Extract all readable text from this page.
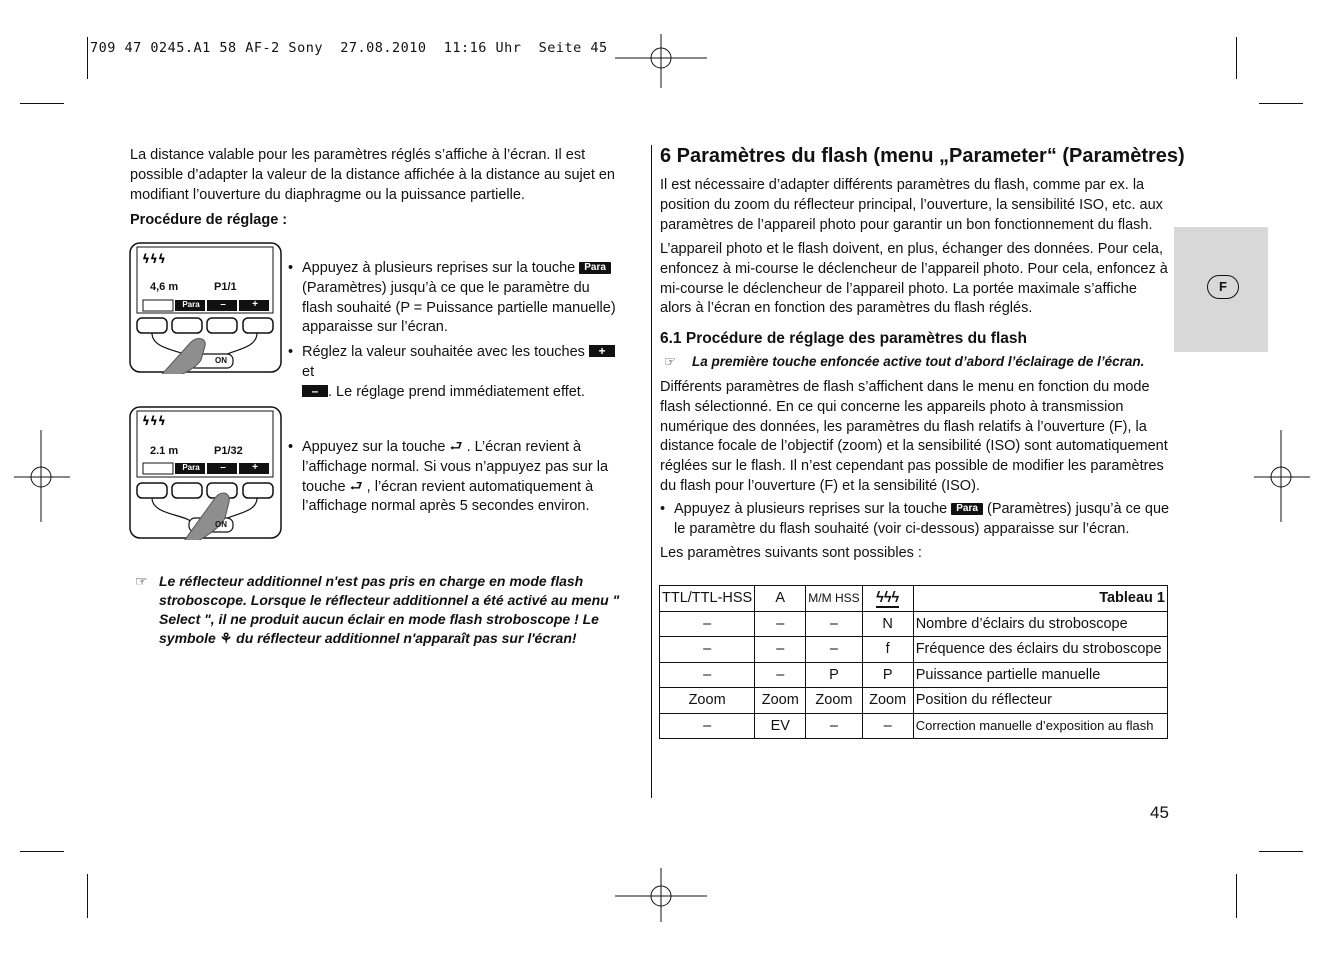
709 47 0245.A1 58 AF-2 Sony  27.08.2010  11:16 Uhr  Seite 45
La distance valable pour les paramètres réglés s’affiche à l’écran. Il est possible d’adapter la valeur de la distance affichée à la distance au sujet en modifiant l’ouverture du diaphragme ou la puissance partielle.
Procédure de réglage :
ϟϟϟ
4,6 m	P1/1
Para	–	+
ON
• Appuyez à plusieurs reprises sur la touche Para (Paramètres) jusqu’à ce que le paramètre du flash souhaité (P = Puissance partielle manuelle) apparaisse sur l’écran.
• Réglez la valeur souhaitée avec les touches + et
– . Le réglage prend immédiatement effet.
ϟϟϟ
2.1 m	P1/32
Para	–	+
ON
• Appuyez sur la touche ⮐ . L’écran revient à l’affichage normal. Si vous n’appuyez pas sur la touche ⮐ , l’écran revient automatiquement à l’affichage normal après 5 secondes environ.
☞ Le réflecteur additionnel n'est pas pris en charge en mode flash stroboscope. Lorsque le réflecteur additionnel a été activé au menu " Select ", il ne produit aucun éclair en mode flash stroboscope ! Le symbole ⚘ du réflecteur additionnel n'apparaît pas sur l'écran!
6 Paramètres du flash (menu „Parameter“ (Paramètres)
Il est nécessaire d’adapter différents paramètres du flash, comme par ex. la position du zoom du réflecteur principal, l’ouverture, la sensibilité ISO, etc. aux paramètres de l’appareil photo pour garantir un bon fonctionnement du flash.
L’appareil photo et le flash doivent, en plus, échanger des données. Pour cela, enfoncez à mi-course le déclencheur de l’appareil photo. Pour cela, enfoncez à mi-course le déclencheur de l’appareil photo. La portée maximale s’affiche alors à l’écran en fonction des paramètres du flash réglés.
6.1 Procédure de réglage des paramètres du flash
☞	La première touche enfoncée active tout d’abord l’éclairage de l’écran.
Différents paramètres de flash s’affichent dans le menu en fonction du mode flash sélectionné. En ce qui concerne les appareils photo à transmission numérique des données, les paramètres du flash relatifs à l’ouverture (F), la distance focale de l’objectif (zoom) et la sensibilité (ISO) sont automatiquement réglées sur le flash. Il n’est cependant pas possible de modifier les paramètres du flash pour l’ouverture (F) et la sensibilité (ISO).
• Appuyez à plusieurs reprises sur la touche Para (Paramètres) jusqu’à ce que le paramètre du flash souhaité (voir ci-dessous) apparaisse sur l’écran.
Les paramètres suivants sont possibles :
TTL/TTL-HSS	A	M/M HSS	ϟϟϟ	Tableau 1
–	–	–	N	Nombre d’éclairs du stroboscope
–	–	–	f	Fréquence des éclairs du stroboscope
–	–	P	P	Puissance partielle manuelle
Zoom	Zoom	Zoom	Zoom	Position du réflecteur
–	EV	–	–	Correction manuelle d’exposition au flash
F
45
